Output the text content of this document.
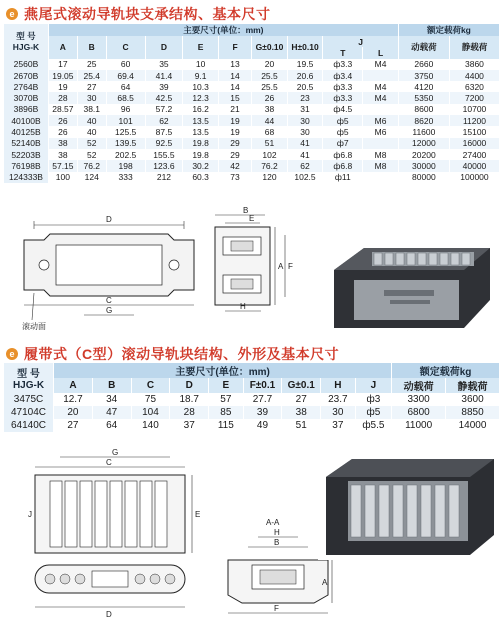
e 燕尾式滚动导轨块支承结构、基本尺寸
型 号
HJG-K	主要尺寸(单位：mm)										额定载荷kg	
	A	B	C	D	E	F	G±0.10	H±0.10	J		动载荷	静载荷
									T	L		
2560B	17	25	60	35	10	13	20	19.5	ф3.3	M4	2660	3860
2670B	19.05	25.4	69.4	41.4	9.1	14	25.5	20.6	ф3.4		3750	4400
2764B	19	27	64	39	10.3	14	25.5	20.5	ф3.3	M4	4120	6320
3070B	28	30	68.5	42.5	12.3	15	26	23	ф3.3	M4	5350	7200
3896B	28.57	38.1	96	57.2	16.2	21	38	31	ф4.5		8600	10700
40100B	26	40	101	62	13.5	19	44	30	ф5	M6	8620	11200
40125B	26	40	125.5	87.5	13.5	19	68	30	ф5	M6	11600	15100
52140B	38	52	139.5	92.5	19.8	29	51	41	ф7		12000	16000
52203B	38	52	202.5	155.5	19.8	29	102	41	ф6.8	M8	20200	27400
76198B	57.15	76.2	198	123.6	30.2	42	76.2	62	ф6.8	M8	30000	40000
124333B	100	124	333	212	60.3	73	120	102.5	ф11		80000	100000
D
C
G
滚动面
B
E
A F
H
e 履带式（C型）滚动导轨块结构、外形及基本尺寸
型 号
HJG-K	主要尺寸(单位：mm)									额定载荷kg	
	A	B	C	D	E	F±0.1	G±0.1	H	J	动载荷	静载荷
3475C	12.7	34	75	18.7	57	27.7	27	23.7	ф3	3300	3600
47104C	20	47	104	28	85	39	38	30	ф5	6800	8850
64140C	27	64	140	37	115	49	51	37	ф5.5	11000	14000
G
C
E
J
D
A-A
H
B
A
F
